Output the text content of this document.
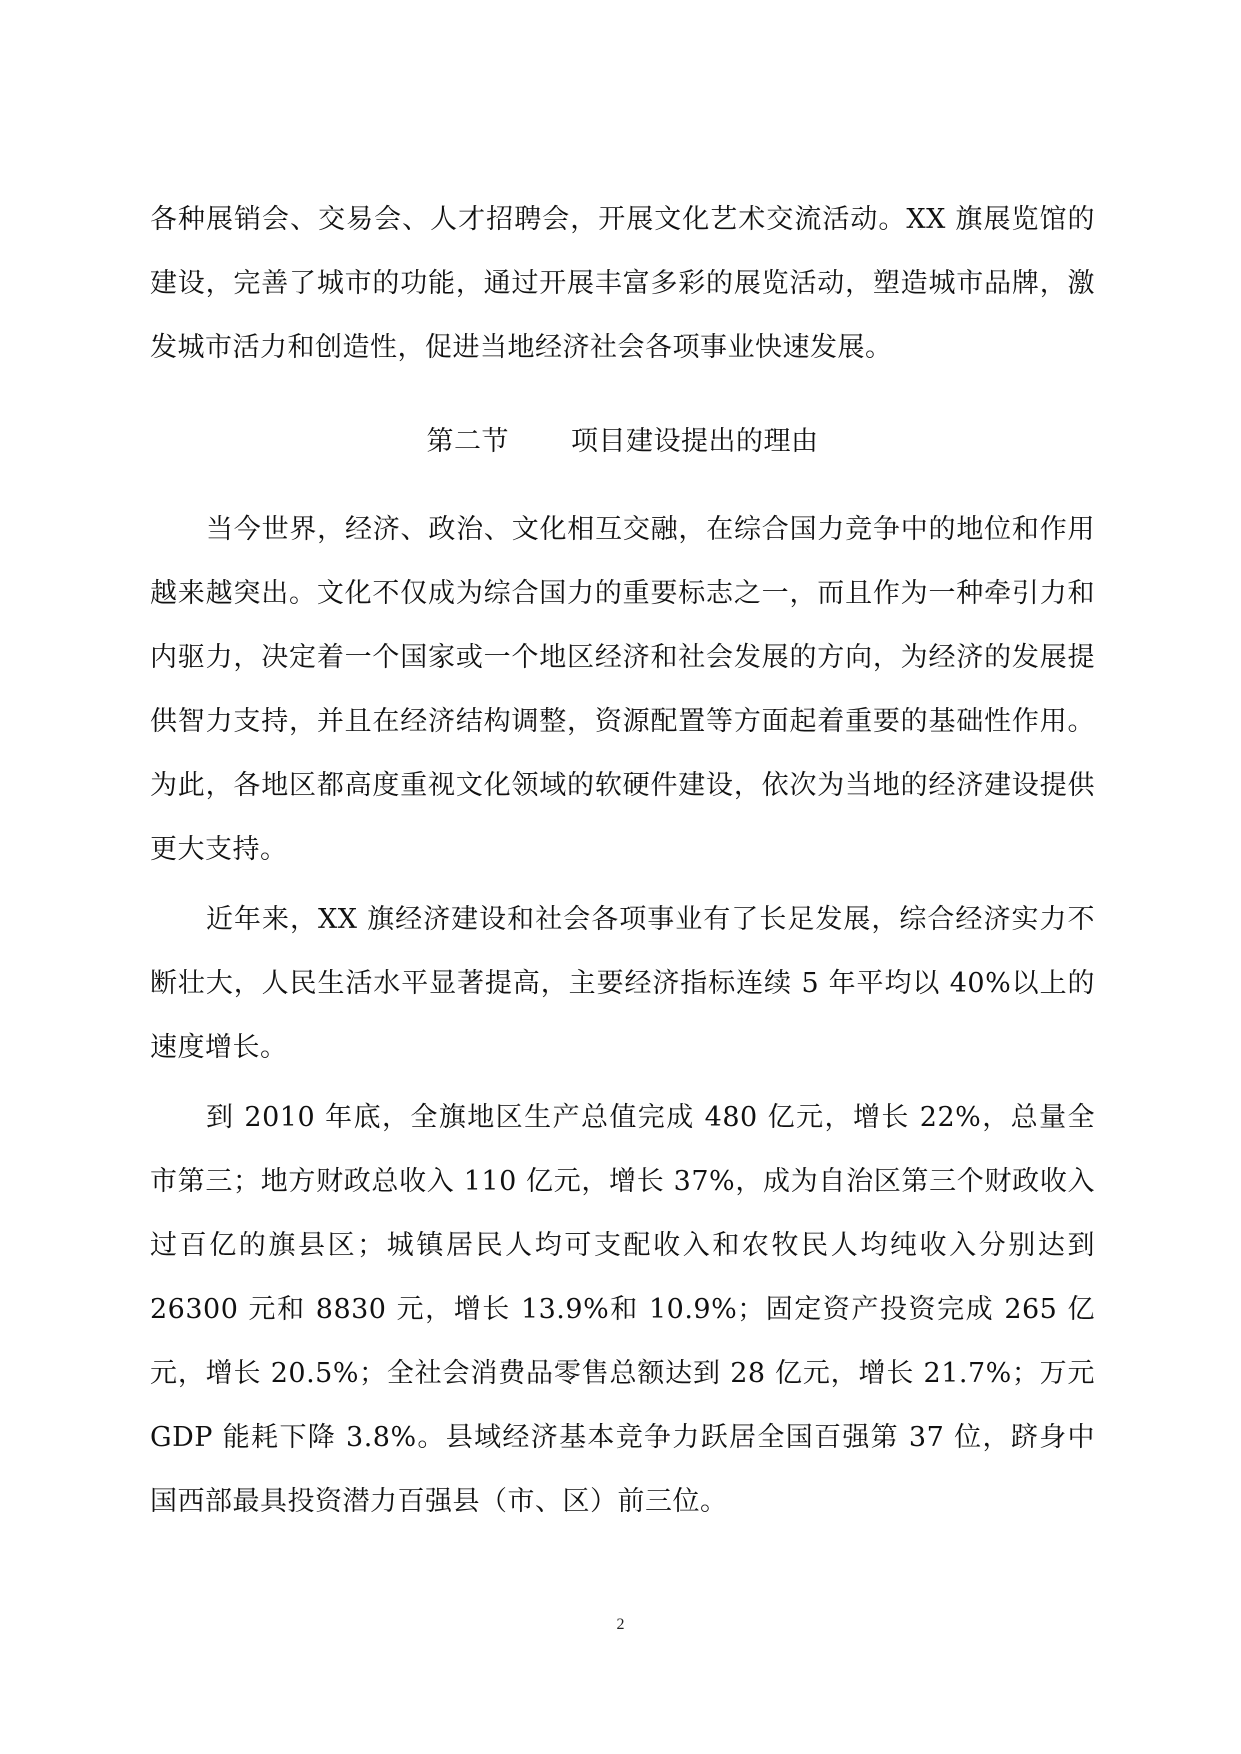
各种展销会、交易会、人才招聘会，开展文化艺术交流活动。XX 旗展览馆的建设，完善了城市的功能，通过开展丰富多彩的展览活动，塑造城市品牌，激发城市活力和创造性，促进当地经济社会各项事业快速发展。

第二节 项目建设提出的理由

当今世界，经济、政治、文化相互交融，在综合国力竞争中的地位和作用越来越突出。文化不仅成为综合国力的重要标志之一，而且作为一种牵引力和内驱力，决定着一个国家或一个地区经济和社会发展的方向，为经济的发展提供智力支持，并且在经济结构调整，资源配置等方面起着重要的基础性作用。为此，各地区都高度重视文化领域的软硬件建设，依次为当地的经济建设提供更大支持。

近年来，XX 旗经济建设和社会各项事业有了长足发展，综合经济实力不断壮大，人民生活水平显著提高，主要经济指标连续 5 年平均以 40%以上的速度增长。

到 2010 年底，全旗地区生产总值完成 480 亿元，增长 22%，总量全市第三；地方财政总收入 110 亿元，增长 37%，成为自治区第三个财政收入过百亿的旗县区；城镇居民人均可支配收入和农牧民人均纯收入分别达到 26300 元和 8830 元，增长 13.9%和 10.9%；固定资产投资完成 265 亿元，增长 20.5%；全社会消费品零售总额达到 28 亿元，增长 21.7%；万元 GDP 能耗下降 3.8%。县域经济基本竞争力跃居全国百强第 37 位，跻身中国西部最具投资潜力百强县（市、区）前三位。

2
